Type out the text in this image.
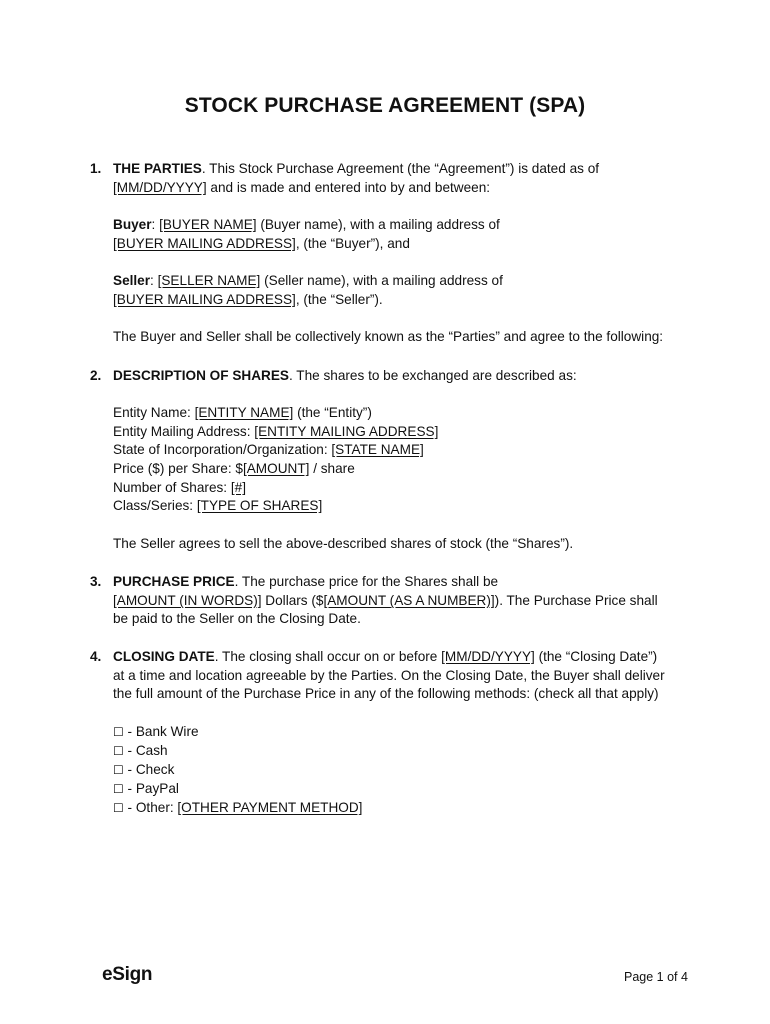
STOCK PURCHASE AGREEMENT (SPA)
1. THE PARTIES. This Stock Purchase Agreement (the “Agreement”) is dated as of
[MM/DD/YYYY] and is made and entered into by and between:
Buyer: [BUYER NAME] (Buyer name), with a mailing address of
[BUYER MAILING ADDRESS], (the “Buyer”), and
Seller: [SELLER NAME] (Seller name), with a mailing address of
[BUYER MAILING ADDRESS], (the “Seller”).
The Buyer and Seller shall be collectively known as the “Parties” and agree to the following:
2. DESCRIPTION OF SHARES. The shares to be exchanged are described as:
Entity Name: [ENTITY NAME] (the “Entity”)
Entity Mailing Address: [ENTITY MAILING ADDRESS]
State of Incorporation/Organization: [STATE NAME]
Price ($) per Share: $[AMOUNT] / share
Number of Shares: [#]
Class/Series: [TYPE OF SHARES]
The Seller agrees to sell the above-described shares of stock (the “Shares”).
3. PURCHASE PRICE. The purchase price for the Shares shall be
[AMOUNT (IN WORDS)] Dollars ($[AMOUNT (AS A NUMBER)]). The Purchase Price shall
be paid to the Seller on the Closing Date.
4. CLOSING DATE. The closing shall occur on or before [MM/DD/YYYY] (the “Closing Date”)
at a time and location agreeable by the Parties. On the Closing Date, the Buyer shall deliver
the full amount of the Purchase Price in any of the following methods: (check all that apply)
☐ - Bank Wire
☐ - Cash
☐ - Check
☐ - PayPal
☐ - Other: [OTHER PAYMENT METHOD]
eSign	Page 1 of 4
